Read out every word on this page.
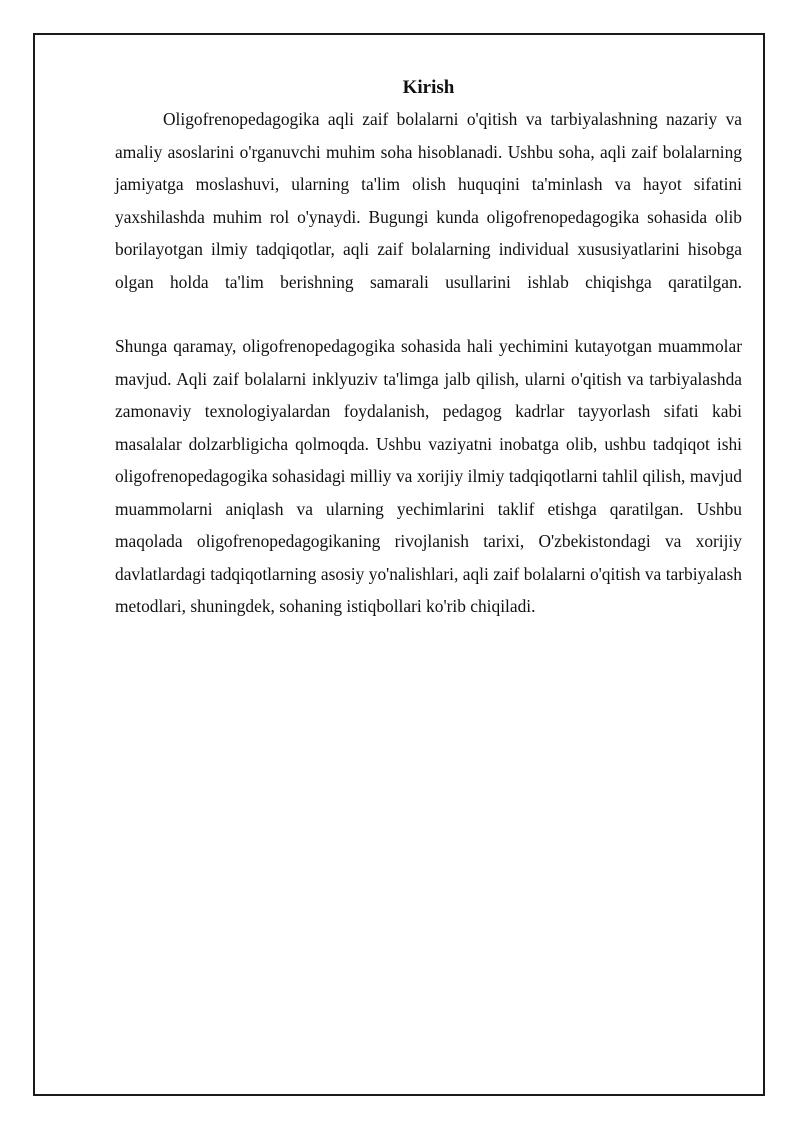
Kirish

Oligofrenopedagogika aqli zaif bolalarni o'qitish va tarbiyalashning nazariy va amaliy asoslarini o'rganuvchi muhim soha hisoblanadi. Ushbu soha, aqli zaif bolalarning jamiyatga moslashuvi, ularning ta'lim olish huquqini ta'minlash va hayot sifatini yaxshilashda muhim rol o'ynaydi. Bugungi kunda oligofrenopedagogika sohasida olib borilayotgan ilmiy tadqiqotlar, aqli zaif bolalarning individual xususiyatlarini hisobga olgan holda ta'lim berishning samarali usullarini ishlab chiqishga qaratilgan.

Shunga qaramay, oligofrenopedagogika sohasida hali yechimini kutayotgan muammolar mavjud. Aqli zaif bolalarni inklyuziv ta'limga jalb qilish, ularni o'qitish va tarbiyalashda zamonaviy texnologiyalardan foydalanish, pedagog kadrlar tayyorlash sifati kabi masalalar dolzarbligicha qolmoqda. Ushbu vaziyatni inobatga olib, ushbu tadqiqot ishi oligofrenopedagogika sohasidagi milliy va xorijiy ilmiy tadqiqotlarni tahlil qilish, mavjud muammolarni aniqlash va ularning yechimlarini taklif etishga qaratilgan. Ushbu maqolada oligofrenopedagogikaning rivojlanish tarixi, O'zbekistondagi va xorijiy davlatlardagi tadqiqotlarning asosiy yo'nalishlari, aqli zaif bolalarni o'qitish va tarbiyalash metodlari, shuningdek, sohaning istiqbollari ko'rib chiqiladi.
